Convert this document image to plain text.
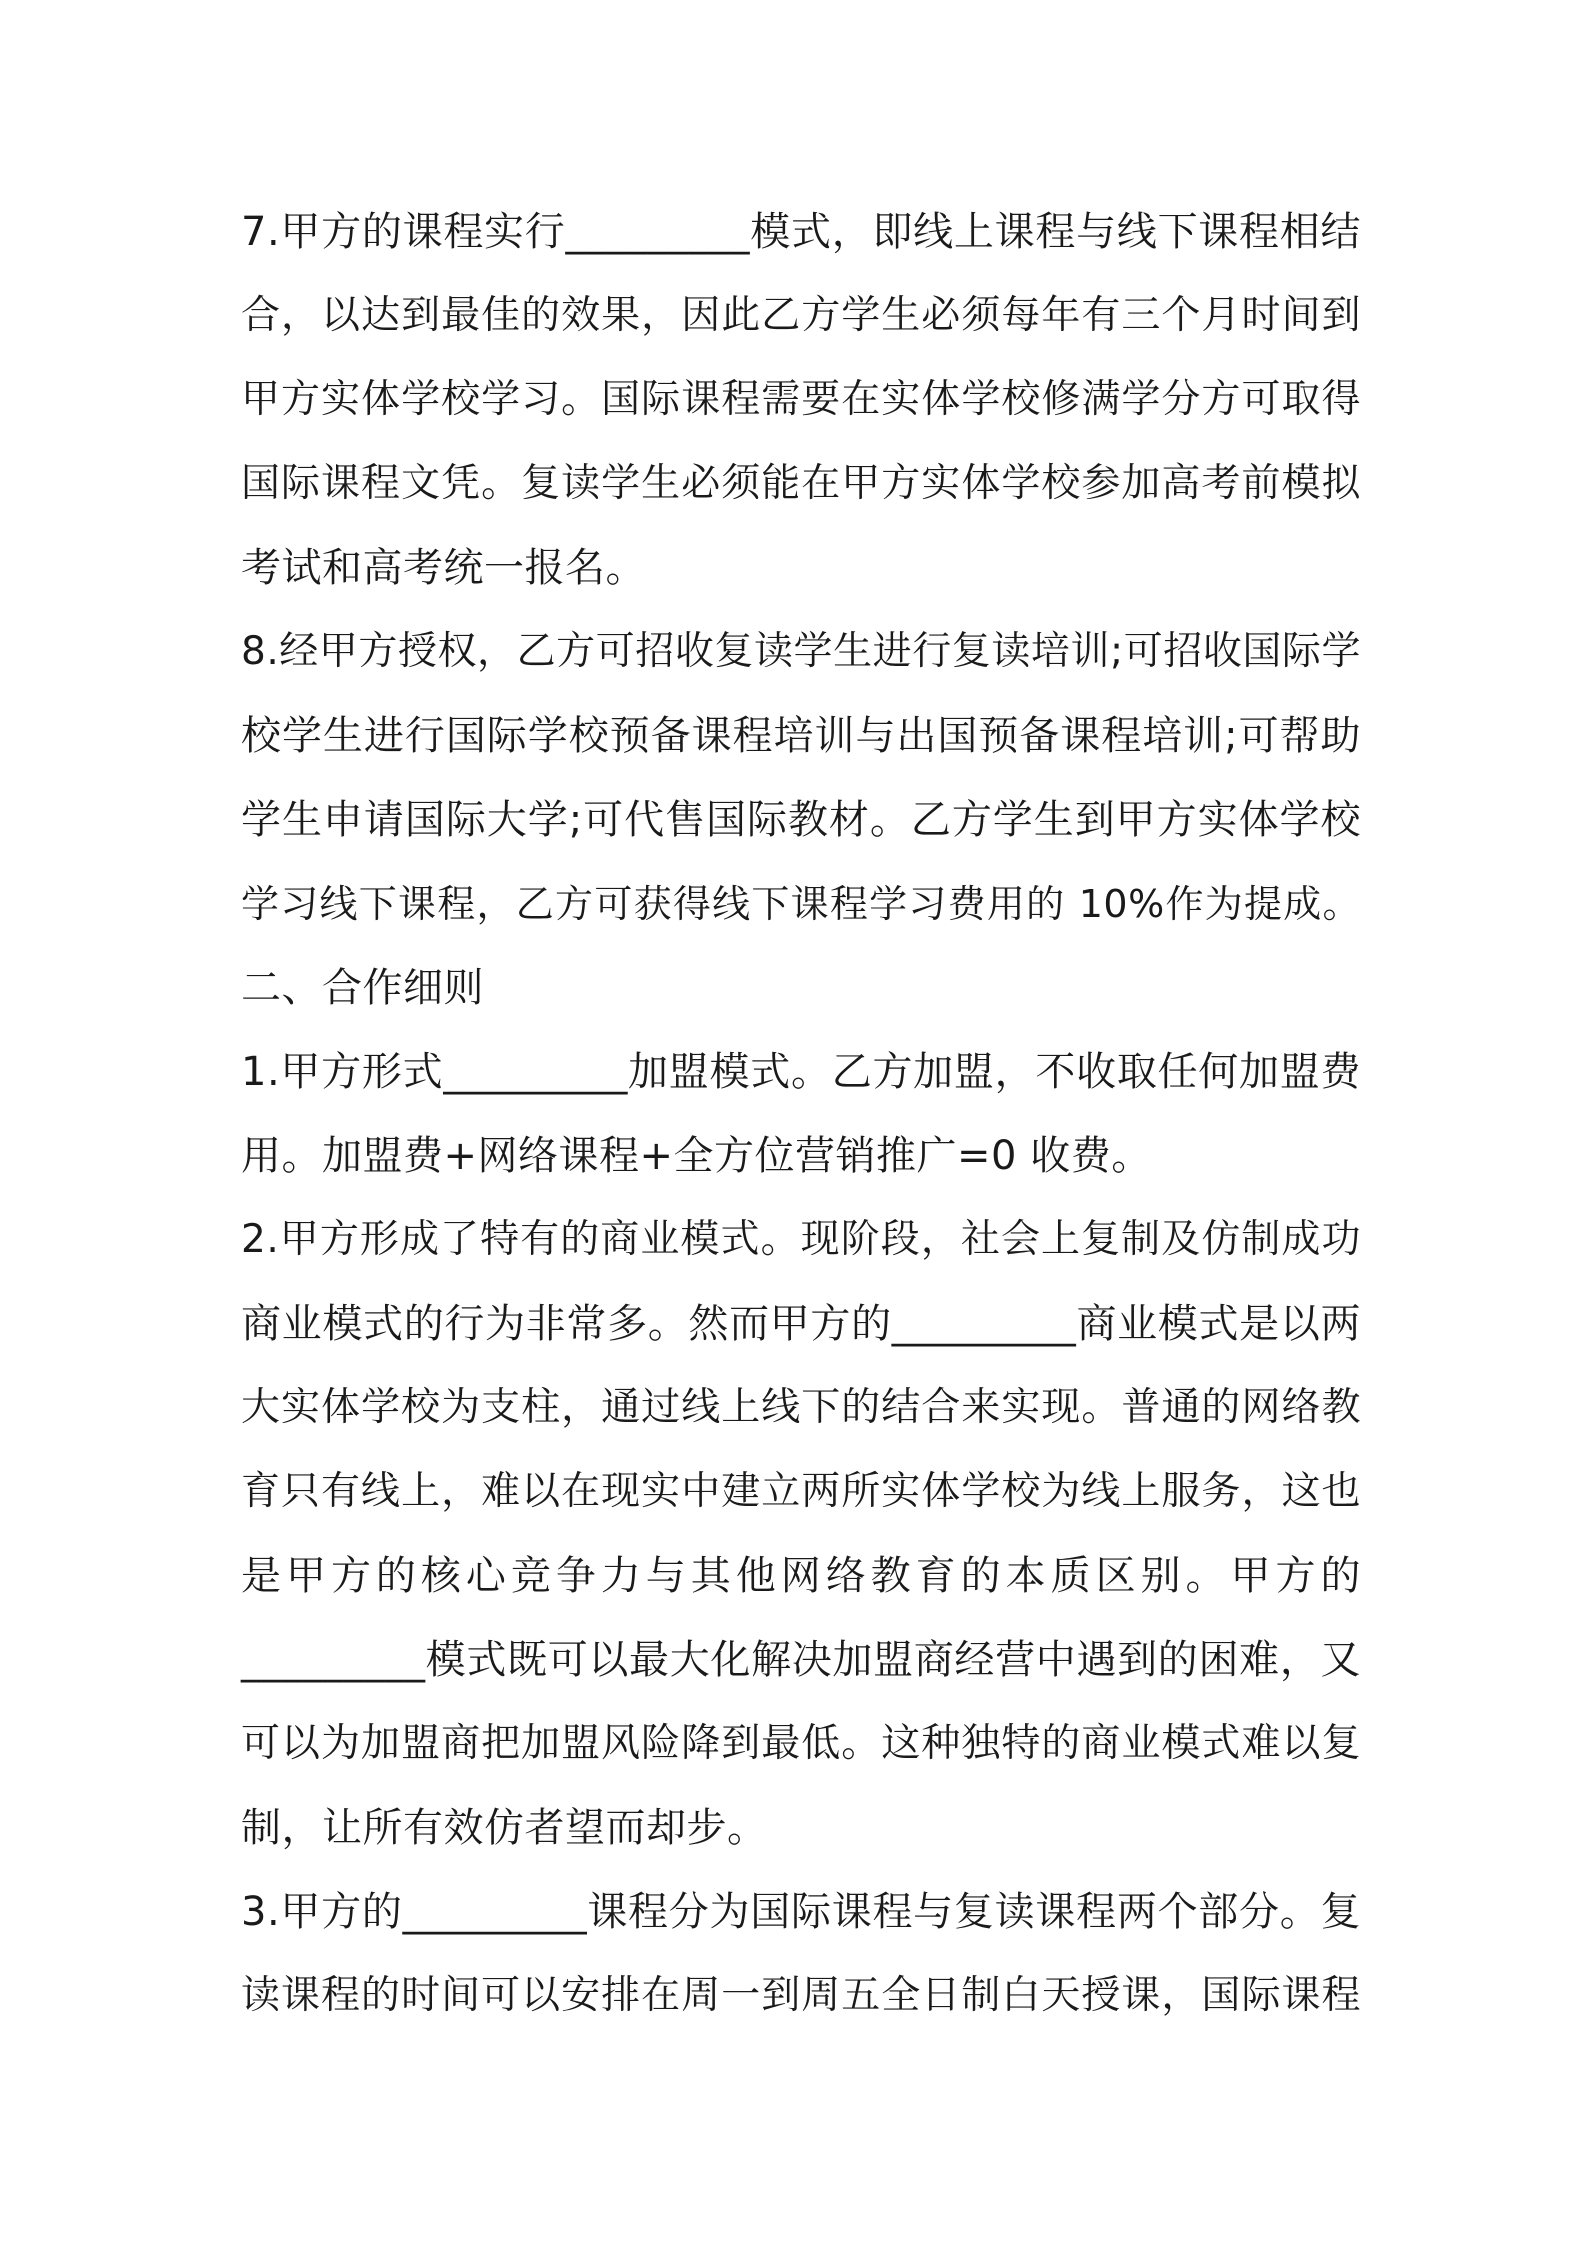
7.甲方的课程实行_________模式，即线上课程与线下课程相结
合，以达到最佳的效果，因此乙方学生必须每年有三个月时间到
甲方实体学校学习。国际课程需要在实体学校修满学分方可取得
国际课程文凭。复读学生必须能在甲方实体学校参加高考前模拟
考试和高考统一报名。
8.经甲方授权，乙方可招收复读学生进行复读培训;可招收国际学
校学生进行国际学校预备课程培训与出国预备课程培训;可帮助
学生申请国际大学;可代售国际教材。乙方学生到甲方实体学校
学习线下课程，乙方可获得线下课程学习费用的 10%作为提成。
二、合作细则
1.甲方形式_________加盟模式。乙方加盟，不收取任何加盟费
用。加盟费+网络课程+全方位营销推广=0 收费。
2.甲方形成了特有的商业模式。现阶段，社会上复制及仿制成功
商业模式的行为非常多。然而甲方的_________商业模式是以两
大实体学校为支柱，通过线上线下的结合来实现。普通的网络教
育只有线上，难以在现实中建立两所实体学校为线上服务，这也
是甲方的核心竞争力与其他网络教育的本质区别。甲方的
_________模式既可以最大化解决加盟商经营中遇到的困难，又
可以为加盟商把加盟风险降到最低。这种独特的商业模式难以复
制，让所有效仿者望而却步。
3.甲方的_________课程分为国际课程与复读课程两个部分。复
读课程的时间可以安排在周一到周五全日制白天授课，国际课程
